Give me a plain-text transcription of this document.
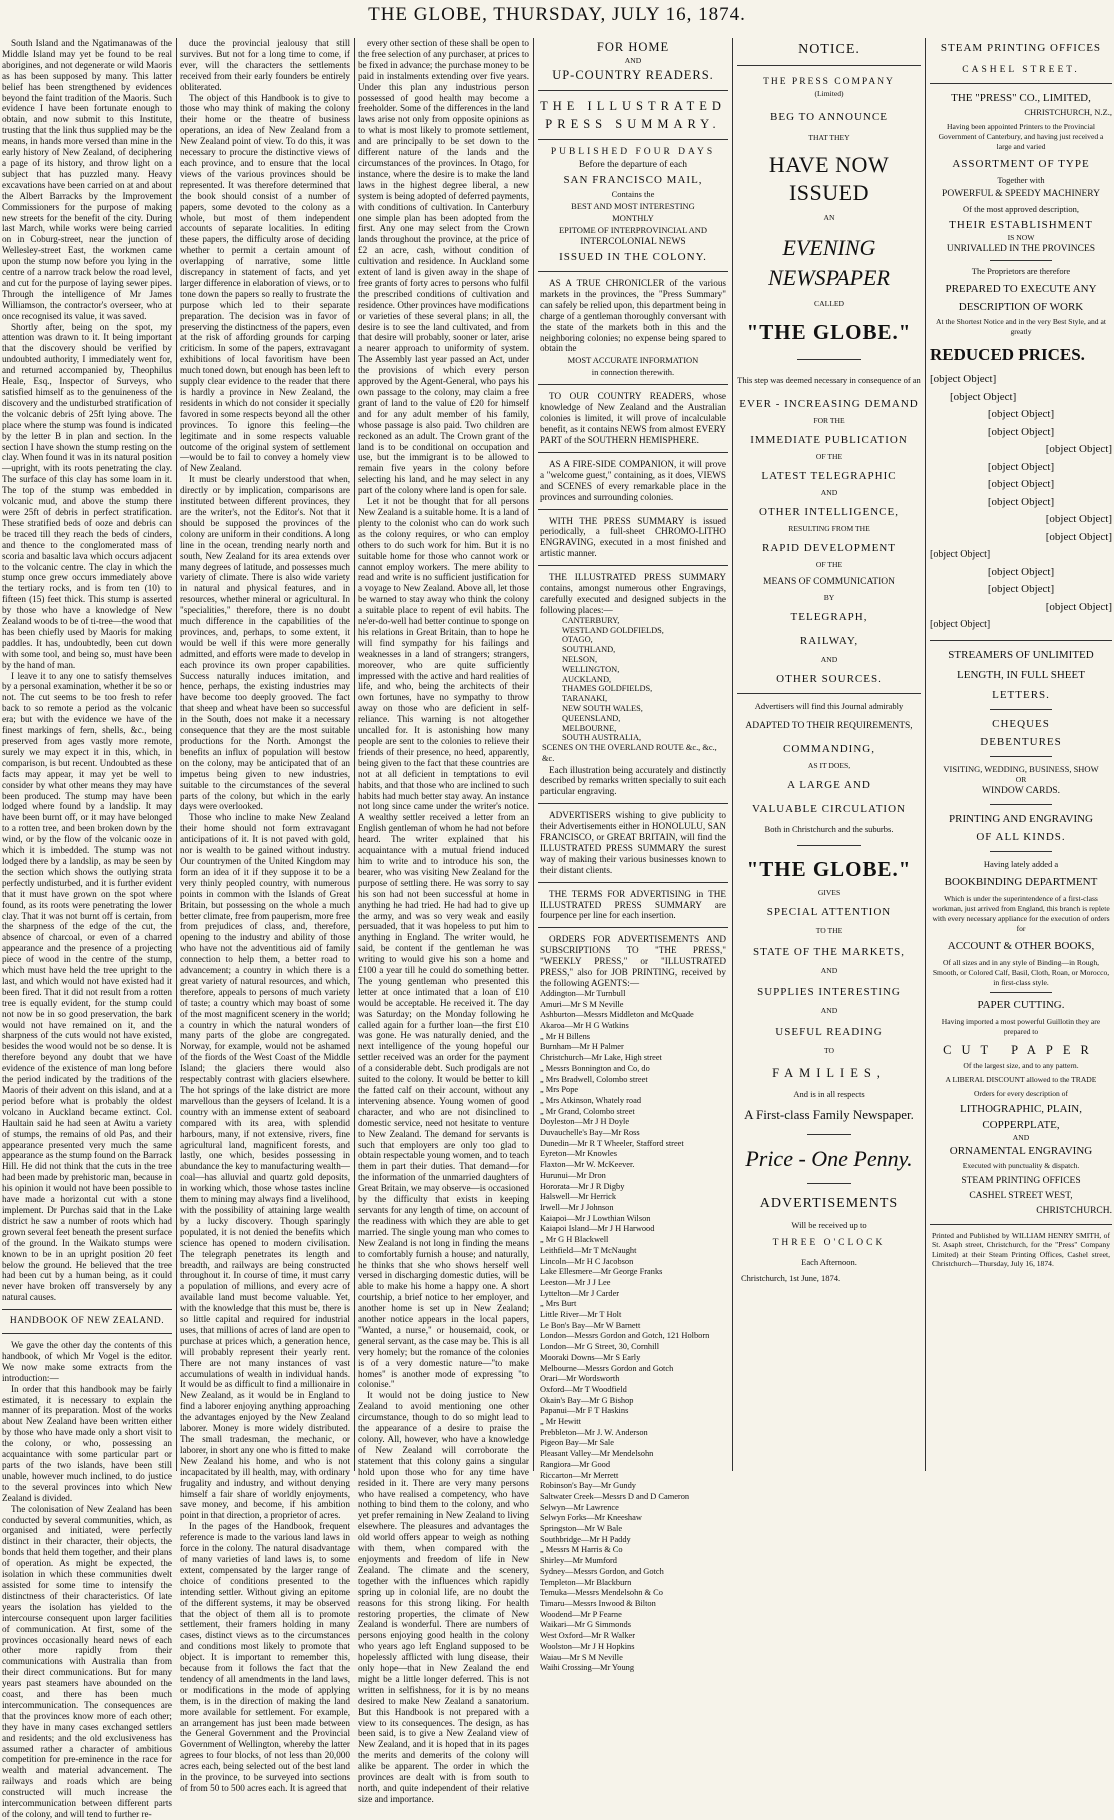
THE GLOBE, THURSDAY, JULY 16, 1874.

South Island and the Ngatimanawas of the Middle Island may yet be found to be real aborigines, and not degenerate or wild Maoris as has been supposed by many. This latter belief has been strengthened by evidences beyond the faint tradition of the Maoris. Such evidence I have been fortunate enough to obtain, and now submit to this Institute, trusting that the link thus supplied may be the means, in hands more versed than mine in the early history of New Zealand, of deciphering a page of its history, and throw light on a subject that has puzzled many. Heavy excavations have been carried on at and about the Albert Barracks by the Improvement Commissioners for the purpose of making new streets for the benefit of the city. During last March, while works were being carried on in Coburg-street, near the junction of Wellesley-street East, the workmen came upon the stump now before you lying in the centre of a narrow track below the road level, and cut for the purpose of laying sewer pipes. Through the intelligence of Mr James Williamson, the contractor's overseer, who at once recognised its value, it was saved.

Shortly after, being on the spot, my attention was drawn to it. It being important that the discovery should be verified by undoubted authority, I immediately went for, and returned accompanied by, Theophilus Heale, Esq., Inspector of Surveys, who satisfied himself as to the genuineness of the discovery and the undisturbed stratification of the volcanic debris of 25ft lying above. The place where the stump was found is indicated by the letter B in plan and section. In the section I have shown the stump resting on the clay. When found it was in its natural position—upright, with its roots penetrating the clay. The surface of this clay has some loam in it. The top of the stump was embedded in volcanic mud, and above the stump there were 25ft of debris in perfect stratification. These stratified beds of ooze and debris can be traced till they reach the beds of cinders, and thence to the conglomerated mass of scoria and basaltic lava which occurs adjacent to the volcanic centre. The clay in which the stump once grew occurs immediately above the tertiary rocks, and is from ten (10) to fifteen (15) feet thick. This stump is asserted by those who have a knowledge of New Zealand woods to be of ti-tree—the wood that has been chiefly used by Maoris for making paddles. It has, undoubtedly, been cut down with some tool, and being so, must have been by the hand of man.

I leave it to any one to satisfy themselves by a personal examination, whether it be so or not. The cut seems to be too fresh to refer back to so remote a period as the volcanic era; but with the evidence we have of the finest markings of fern, shells, &c., being preserved from ages vastly more remote, surely we may expect it in this, which, in comparison, is but recent. Undoubted as these facts may appear, it may yet be well to consider by what other means they may have been produced. The stump may have been lodged where found by a landslip. It may have been burnt off, or it may have belonged to a rotten tree, and been broken down by the wind, or by the flow of the volcanic ooze in which it is imbedded. The stump was not lodged there by a landslip, as may be seen by the section which shows the outlying strata perfectly undisturbed, and it is further evident that it must have grown on the spot where found, as its roots were penetrating the lower clay. That it was not burnt off is certain, from the sharpness of the edge of the cut, the absence of charcoal, or even of a charred appearance and the presence of a projecting piece of wood in the centre of the stump, which must have held the tree upright to the last, and which would not have existed had it been fired. That it did not result from a rotten tree is equally evident, for the stump could not now be in so good preservation, the bark would not have remained on it, and the sharpness of the cuts would not have existed, besides the wood would not be so dense. It is therefore beyond any doubt that we have evidence of the existence of man long before the period indicated by the traditions of the Maoris of their advent on this island, and at a period before what is probably the oldest volcano in Auckland became extinct. Col. Haultain said he had seen at Awitu a variety of stumps, the remains of old Pas, and their appearance presented very much the same appearance as the stump found on the Barrack Hill. He did not think that the cuts in the tree had been made by prehistoric man, because in his opinion it would not have been possible to have made a horizontal cut with a stone implement. Dr Purchas said that in the Lake district he saw a number of roots which had grown several feet beneath the present surface of the ground. In the Waikato stumps were known to be in an upright position 20 feet below the ground. He believed that the tree had been cut by a human being, as it could never have broken off transversely by any natural causes.

HANDBOOK OF NEW ZEALAND.

We gave the other day the contents of this handbook, of which Mr Vogel is the editor. We now make some extracts from the introduction:—

In order that this handbook may be fairly estimated, it is necessary to explain the manner of its preparation. Most of the works about New Zealand have been written either by those who have made only a short visit to the colony, or who, possessing an acquaintance with some particular part or parts of the two islands, have been still unable, however much inclined, to do justice to the several provinces into which New Zealand is divided.

The colonisation of New Zealand has been conducted by several communities, which, as organised and initiated, were perfectly distinct in their character, their objects, the bonds that held them together, and their plans of operation. As might be expected, the isolation in which these communities dwelt assisted for some time to intensify the distinctness of their characteristics. Of late years the isolation has yielded to the intercourse consequent upon larger facilities of communication. At first, some of the provinces occasionally heard news of each other more rapidly from their communications with Australia than from their direct communications. But for many years past steamers have abounded on the coast, and there has been much intercommunication. The consequences are that the provinces know more of each other; they have in many cases exchanged settlers and residents; and the old exclusiveness has assumed rather a character of ambitious competition for pre-eminence in the race for wealth and material advancement. The railways and roads which are being constructed will much increase the intercommunication between different parts of the colony, and will tend to further re-

duce the provincial jealousy that still survives. But not for a long time to come, if ever, will the characters the settlements received from their early founders be entirely obliterated.

The object of this Handbook is to give to those who may think of making the colony their home or the theatre of business operations, an idea of New Zealand from a New Zealand point of view. To do this, it was necessary to procure the distinctive views of each province, and to ensure that the local views of the various provinces should be represented. It was therefore determined that the book should consist of a number of papers, some devoted to the colony as a whole, but most of them independent accounts of separate localities. In editing these papers, the difficulty arose of deciding whether to permit a certain amount of overlapping of narrative, some little discrepancy in statement of facts, and yet larger difference in elaboration of views, or to tone down the papers so really to frustrate the purpose which led to their separate preparation. The decision was in favor of preserving the distinctness of the papers, even at the risk of affording grounds for carping criticism. In some of the papers, extravagant exhibitions of local favoritism have been much toned down, but enough has been left to supply clear evidence to the reader that there is hardly a province in New Zealand, the residents in which do not consider it specially favored in some respects beyond all the other provinces. To ignore this feeling—the legitimate and in some respects valuable outcome of the original system of settlement—would be to fail to convey a homely view of New Zealand.

It must be clearly understood that when, directly or by implication, comparisons are instituted between different provinces, they are the writer's, not the Editor's. Not that it should be supposed the provinces of the colony are uniform in their conditions. A long line in the ocean, trending nearly north and south, New Zealand for its area extends over many degrees of latitude, and possesses much variety of climate. There is also wide variety in natural and physical features, and in resources, whether mineral or agricultural. In "specialities," therefore, there is no doubt much difference in the capabilities of the provinces, and, perhaps, to some extent, it would be well if this were more generally admitted, and efforts were made to develop in each province its own proper capabilities. Success naturally induces imitation, and hence, perhaps, the existing industries may have become too deeply grooved. The fact that sheep and wheat have been so successful in the South, does not make it a necessary consequence that they are the most suitable productions for the North. Amongst the benefits an influx of population will bestow on the colony, may be anticipated that of an impetus being given to new industries, suitable to the circumstances of the several parts of the colony, but which in the early days were overlooked.

Those who incline to make New Zealand their home should not form extravagant anticipations of it. It is not paved with gold, nor is wealth to be gained without industry. Our countrymen of the United Kingdom may form an idea of it if they suppose it to be a very thinly peopled country, with numerous points in common with the Islands of Great Britain, but possessing on the whole a much better climate, free from pauperism, more free from prejudices of class, and, therefore, opening to the industry and ability of those who have not the adventitious aid of family connection to help them, a better road to advancement; a country in which there is a great variety of natural resources, and which, therefore, appeals to persons of much variety of taste; a country which may boast of some of the most magnificent scenery in the world; a country in which the natural wonders of many parts of the globe are congregated. Norway, for example, would not be ashamed of the fiords of the West Coast of the Middle Island; the glaciers there would also respectably contrast with glaciers elsewhere. The hot springs of the lake district are more marvellous than the geysers of Iceland. It is a country with an immense extent of seaboard compared with its area, with splendid harbours, many, if not extensive, rivers, fine agricultural land, magnificent forests, and lastly, one which, besides possessing in abundance the key to manufacturing wealth—coal—has alluvial and quartz gold deposits, in working which, those whose tastes incline them to mining may always find a livelihood, with the possibility of attaining large wealth by a lucky discovery. Though sparingly populated, it is not denied the benefits which science has opened to modern civilisation. The telegraph penetrates its length and breadth, and railways are being constructed throughout it. In course of time, it must carry a population of millions, and every acre of available land must become valuable. Yet, with the knowledge that this must be, there is so little capital and required for industrial uses, that millions of acres of land are open to purchase at prices which, a generation hence, will probably represent their yearly rent. There are not many instances of vast accumulations of wealth in individual hands. It would be as difficult to find a millionaire in New Zealand, as it would be in England to find a laborer enjoying anything approaching the advantages enjoyed by the New Zealand laborer. Money is more widely distributed. The small tradesman, the mechanic, or laborer, in short any one who is fitted to make New Zealand his home, and who is not incapacitated by ill health, may, with ordinary frugality and industry, and without denying himself a fair share of worldly enjoyments, save money, and become, if his ambition point in that direction, a proprietor of acres.

In the pages of the Handbook, frequent reference is made to the various land laws in force in the colony. The natural disadvantage of many varieties of land laws is, to some extent, compensated by the larger range of choice of conditions presented to the intending settler. Without giving an epitome of the different systems, it may be observed that the object of them all is to promote settlement, their framers holding in many cases, distinct views as to the circumstances and conditions most likely to promote that object. It is important to remember this, because from it follows the fact that the tendency of all amendments in the land laws, or modifications in the mode of applying them, is in the direction of making the land more available for settlement. For example, an arrangement has just been made between the General Government and the Provincial Government of Wellington, whereby the latter agrees to four blocks, of not less than 20,000 acres each, being selected out of the best land in the province, to be surveyed into sections of from 50 to 500 acres each. It is agreed that

every other section of these shall be open to the free selection of any purchaser, at prices to be fixed in advance; the purchase money to be paid in instalments extending over five years. Under this plan any industrious person possessed of good health may become a freeholder. Some of the differences in the land laws arise not only from opposite opinions as to what is most likely to promote settlement, and are principally to be set down to the different nature of the lands and the circumstances of the provinces. In Otago, for instance, where the desire is to make the land laws in the highest degree liberal, a new system is being adopted of deferred payments, with conditions of cultivation. In Canterbury one simple plan has been adopted from the first. Any one may select from the Crown lands throughout the province, at the price of £2 an acre, cash, without condition of cultivation and residence. In Auckland some extent of land is given away in the shape of free grants of forty acres to persons who fulfil the prescribed conditions of cultivation and residence. Other provinces have modifications or varieties of these several plans; in all, the desire is to see the land cultivated, and from that desire will probably, sooner or later, arise a nearer approach to uniformity of system. The Assembly last year passed an Act, under the provisions of which every person approved by the Agent-General, who pays his own passage to the colony, may claim a free grant of land to the value of £20 for himself and for any adult member of his family, whose passage is also paid. Two children are reckoned as an adult. The Crown grant of the land is to be conditional on occupation and use, but the immigrant is to be allowed to remain five years in the colony before selecting his land, and he may select in any part of the colony where land is open for sale.

Let it not be thought that for all persons New Zealand is a suitable home. It is a land of plenty to the colonist who can do work such as the colony requires, or who can employ others to do such work for him. But it is no suitable home for those who cannot work or cannot employ workers. The mere ability to read and write is no sufficient justification for a voyage to New Zealand. Above all, let those be warned to stay away who think the colony a suitable place to repent of evil habits. The ne'er-do-well had better continue to sponge on his relations in Great Britain, than to hope he will find sympathy for his failings and weaknesses in a land of strangers; strangers, moreover, who are quite sufficiently impressed with the active and hard realities of life, and who, being the architects of their own fortunes, have no sympathy to throw away on those who are deficient in self-reliance. This warning is not altogether uncalled for. It is astonishing how many people are sent to the colonies to relieve their friends of their presence, no heed, apparently, being given to the fact that these countries are not at all deficient in temptations to evil habits, and that those who are inclined to such habits had much better stay away. An instance not long since came under the writer's notice. A wealthy settler received a letter from an English gentleman of whom he had not before heard. The writer explained that his acquaintance with a mutual friend induced him to write and to introduce his son, the bearer, who was visiting New Zealand for the purpose of settling there. He was sorry to say his son had not been successful at home in anything he had tried. He had had to give up the army, and was so very weak and easily persuaded, that it was hopeless to put him to anything in England. The writer would, he said, be content if the gentleman he was writing to would give his son a home and £100 a year till he could do something better. The young gentleman who presented this letter at once intimated that a loan of £10 would be acceptable. He received it. The day was Saturday; on the Monday following he called again for a further loan—the first £10 was gone. He was naturally denied, and the next intelligence of the young hopeful our settler received was an order for the payment of a considerable debt. Such prodigals are not suited to the colony. It would be better to kill the fatted calf on their account, without any intervening absence. Young women of good character, and who are not disinclined to domestic service, need not hesitate to venture to New Zealand. The demand for servants is such that employers are only too glad to obtain respectable young women, and to teach them in part their duties. That demand—for the information of the unmarried daughters of Great Britain, we may observe—is occasioned by the difficulty that exists in keeping servants for any length of time, on account of the readiness with which they are able to get married. The single young man who comes to New Zealand is not long in finding the means to comfortably furnish a house; and naturally, he thinks that she who shows herself well versed in discharging domestic duties, will be able to make his home a happy one. A short courtship, a brief notice to her employer, and another home is set up in New Zealand; another notice appears in the local papers, "Wanted, a nurse," or housemaid, cook, or general servant, as the case may be. This is all very homely; but the romance of the colonies is of a very domestic nature—"to make homes" is another mode of expressing "to colonise."

It would not be doing justice to New Zealand to avoid mentioning one other circumstance, though to do so might lead to the appearance of a desire to praise the colony. All, however, who have a knowledge of New Zealand will corroborate the statement that this colony gains a singular hold upon those who for any time have resided in it. There are very many persons who have realised a competency, who have nothing to bind them to the colony, and who yet prefer remaining in New Zealand to living elsewhere. The pleasures and advantages the old world offers appear to weigh as nothing with them, when compared with the enjoyments and freedom of life in New Zealand. The climate and the scenery, together with the influences which rapidly spring up in colonial life, are no doubt the reasons for this strong liking. For health restoring properties, the climate of New Zealand is wonderful. There are numbers of persons enjoying good health in the colony who years ago left England supposed to be hopelessly afflicted with lung disease, their only hope—that in New Zealand the end might be a little longer deferred. This is not written in selfishness, for it is by no means desired to make New Zealand a sanatorium. But this Handbook is not prepared with a view to its consequences. The design, as has been said, is to give a New Zealand view of New Zealand, and it is hoped that in its pages the merits and demerits of the colony will alike be apparent. The order in which the provinces are dealt with is from south to north, and quite independent of their relative size and importance.

FOR HOME
AND
UP-COUNTRY READERS.
THE ILLUSTRATED
PRESS SUMMARY.
PUBLISHED FOUR DAYS
Before the departure of each
SAN FRANCISCO MAIL,
Contains the
BEST AND MOST INTERESTING
MONTHLY
EPITOME OF INTERPROVINCIAL AND
INTERCOLONIAL NEWS
ISSUED IN THE COLONY.

AS A TRUE CHRONICLER of the various markets in the provinces, the "Press Summary" can safely be relied upon, this department being in charge of a gentleman thoroughly conversant with the state of the markets both in this and the neighboring colonies; no expense being spared to obtain the

MOST ACCURATE INFORMATION
in connection therewith.

TO OUR COUNTRY READERS, whose knowledge of New Zealand and the Australian colonies is limited, it will prove of incalculable benefit, as it contains NEWS from almost EVERY PART of the SOUTHERN HEMISPHERE.

AS A FIRE-SIDE COMPANION, it will prove a "welcome guest," containing, as it does, VIEWS and SCENES of every remarkable place in the provinces and surrounding colonies.

WITH THE PRESS SUMMARY is issued periodically, a full-sheet CHROMO-LITHO ENGRAVING, executed in a most finished and artistic manner.

THE ILLUSTRATED PRESS SUMMARY contains, amongst numerous other Engravings, carefully executed and designed subjects in the following places:—

CANTERBURY,
WESTLAND GOLDFIELDS,
OTAGO,
SOUTHLAND,
NELSON,
WELLINGTON,
AUCKLAND,
THAMES GOLDFIELDS,
TARANAKI,
NEW SOUTH WALES,
QUEENSLAND,
MELBOURNE,
SOUTH AUSTRALIA,
SCENES ON THE OVERLAND ROUTE &c., &c., &c.

Each illustration being accurately and distinctly described by remarks written specially to suit each particular engraving.

ADVERTISERS wishing to give publicity to their Advertisements either in HONOLULU, SAN FRANCISCO, or GREAT BRITAIN, will find the ILLUSTRATED PRESS SUMMARY the surest way of making their various businesses known to their distant clients.

THE TERMS FOR ADVERTISING in THE ILLUSTRATED PRESS SUMMARY are fourpence per line for each insertion.

ORDERS FOR ADVERTISEMENTS AND SUBSCRIPTIONS TO "THE PRESS," "WEEKLY PRESS," or "ILLUSTRATED PRESS," also for JOB PRINTING, received by the following AGENTS:—

Addington—Mr Turnbull
Amuri—Mr S M Neville
Ashburton—Messrs Middleton and McQuade
Akaroa—Mr H G Watkins
„ Mr H Billens
Burnham—Mr H Palmer
Christchurch—Mr Lake, High street
„ Messrs Bonnington and Co, do
„ Mrs Bradwell, Colombo street
„ Mrs Pope
„ Mrs Atkinson, Whately road
„ Mr Grand, Colombo street
Doyleston—Mr J H Doyle
Duvauchelle's Bay—Mr Ross
Dunedin—Mr R T Wheeler, Stafford street
Eyreton—Mr Knowles
Flaxton—Mr W. McKeever.
Hurunui—Mr Dron
Hororata—Mr J R Digby
Halswell—Mr Herrick
Irwell—Mr J Johnson
Kaiapoi—Mr J Lowthian Wilson
Kaiapoi Island—Mr J H Harwood
„ Mr G H Blackwell
Leithfield—Mr T McNaught
Lincoln—Mr H C Jacobson
Lake Ellesmere—Mr George Franks
Leeston—Mr J J Lee
Lyttelton—Mr J Carder
„ Mrs Burt
Little River—Mr T Holt
Le Bon's Bay—Mr W Barnett
London—Messrs Gordon and Gotch, 121 Holborn
London—Mr G Street, 30, Cornhill
Mooraki Downs—Mr S Early
Melbourne—Messrs Gordon and Gotch
Orari—Mr Wordsworth
Oxford—Mr T Woodfield
Okain's Bay—Mr G Bishop
Papanui—Mr F T Haskins
„ Mr Hewitt
Prebbleton—Mr J. W. Anderson
Pigeon Bay—Mr Sale
Pleasant Valley—Mr Mendelsohn
Rangiora—Mr Good
Riccarton—Mr Merrett
Robinson's Bay—Mr Gundy
Saltwater Creek—Messrs D and D Cameron
Selwyn—Mr Lawrence
Selwyn Forks—Mr Kneeshaw
Springston—Mr W Bale
Southbridge—Mr H Paddy
„ Messrs M Harris & Co
Shirley—Mr Mumford
Sydney—Messrs Gordon, and Gotch
Templeton—Mr Blackburn
Temuka—Messrs Mendelsohn & Co
Timaru—Messrs Inwood & Bilton
Woodend—Mr P Fearne
Waikari—Mr G Simmonds
West Oxford—Mr R Walker
Woolston—Mr J H Hopkins
Waiau—Mr S M Neville
Waihi Crossing—Mr Young
NOTICE.
THE PRESS COMPANY
(Limited)
BEG TO ANNOUNCE
THAT THEY
HAVE NOW ISSUED
AN
EVENING NEWSPAPER
CALLED
"THE GLOBE."
This step was deemed necessary in consequence of an
EVER - INCREASING DEMAND
FOR THE
IMMEDIATE PUBLICATION
OF THE
LATEST TELEGRAPHIC
AND
OTHER INTELLIGENCE,
RESULTING FROM THE
RAPID DEVELOPMENT
OF THE
MEANS OF COMMUNICATION
BY
TELEGRAPH,
RAILWAY,
AND
OTHER SOURCES.
Advertisers will find this Journal admirably
ADAPTED TO THEIR REQUIREMENTS,
COMMANDING,
AS IT DOES,
A LARGE AND
VALUABLE CIRCULATION
Both in Christchurch and the suburbs.
"THE GLOBE."
GIVES
SPECIAL ATTENTION
TO THE
STATE OF THE MARKETS,
AND
SUPPLIES INTERESTING
AND
USEFUL READING
TO
FAMILIES,
And is in all respects
A First-class Family Newspaper.
Price - One Penny.
ADVERTISEMENTS
Will be received up to
THREE O'CLOCK
Each Afternoon.
Christchurch, 1st June, 1874.
STEAM PRINTING OFFICES
CASHEL STREET.
THE "PRESS" CO., LIMITED,
CHRISTCHURCH, N.Z.,
Having been appointed Printers to the Provincial Government of Canterbury, and having just received a large and varied
ASSORTMENT OF TYPE
Together with
POWERFUL & SPEEDY MACHINERY
Of the most approved description,
THEIR ESTABLISHMENT
IS NOW
UNRIVALLED IN THE PROVINCES
The Proprietors are therefore
PREPARED TO EXECUTE ANY
DESCRIPTION OF WORK
At the Shortest Notice and in the very Best Style, and at greatly
REDUCED PRICES.
[object Object]
[object Object]
[object Object]
[object Object]
[object Object]
[object Object]
[object Object]
[object Object]
[object Object]
[object Object]
[object Object]
[object Object]
[object Object]
[object Object]
[object Object]
STREAMERS OF UNLIMITED
LENGTH, IN FULL SHEET
LETTERS.
CHEQUES
DEBENTURES
VISITING, WEDDING, BUSINESS, SHOW
OR
WINDOW CARDS.
PRINTING AND ENGRAVING
OF ALL KINDS.
Having lately added a
BOOKBINDING DEPARTMENT
Which is under the superintendence of a first-class workman, just arrived from England, this branch is replete with every necessary appliance for the execution of orders for
ACCOUNT & OTHER BOOKS,
Of all sizes and in any style of Binding—in Rough, Smooth, or Colored Calf, Basil, Cloth, Roan, or Morocco, in first-class style.
PAPER CUTTING.
Having imported a most powerful Guillotin they are prepared to
CUT PAPER
Of the largest size, and to any pattern.
A LIBERAL DISCOUNT allowed to the TRADE
Orders for every description of
LITHOGRAPHIC, PLAIN,
COPPERPLATE,
AND
ORNAMENTAL ENGRAVING
Executed with punctuality & dispatch.
STEAM PRINTING OFFICES
CASHEL STREET WEST,
CHRISTCHURCH.
Printed and Published by WILLIAM HENRY SMITH, of St. Asaph street, Christchurch, for the "Press" Company Limited) at their Steam Printing Offices, Cashel street, Christchurch—Thursday, July 16, 1874.
